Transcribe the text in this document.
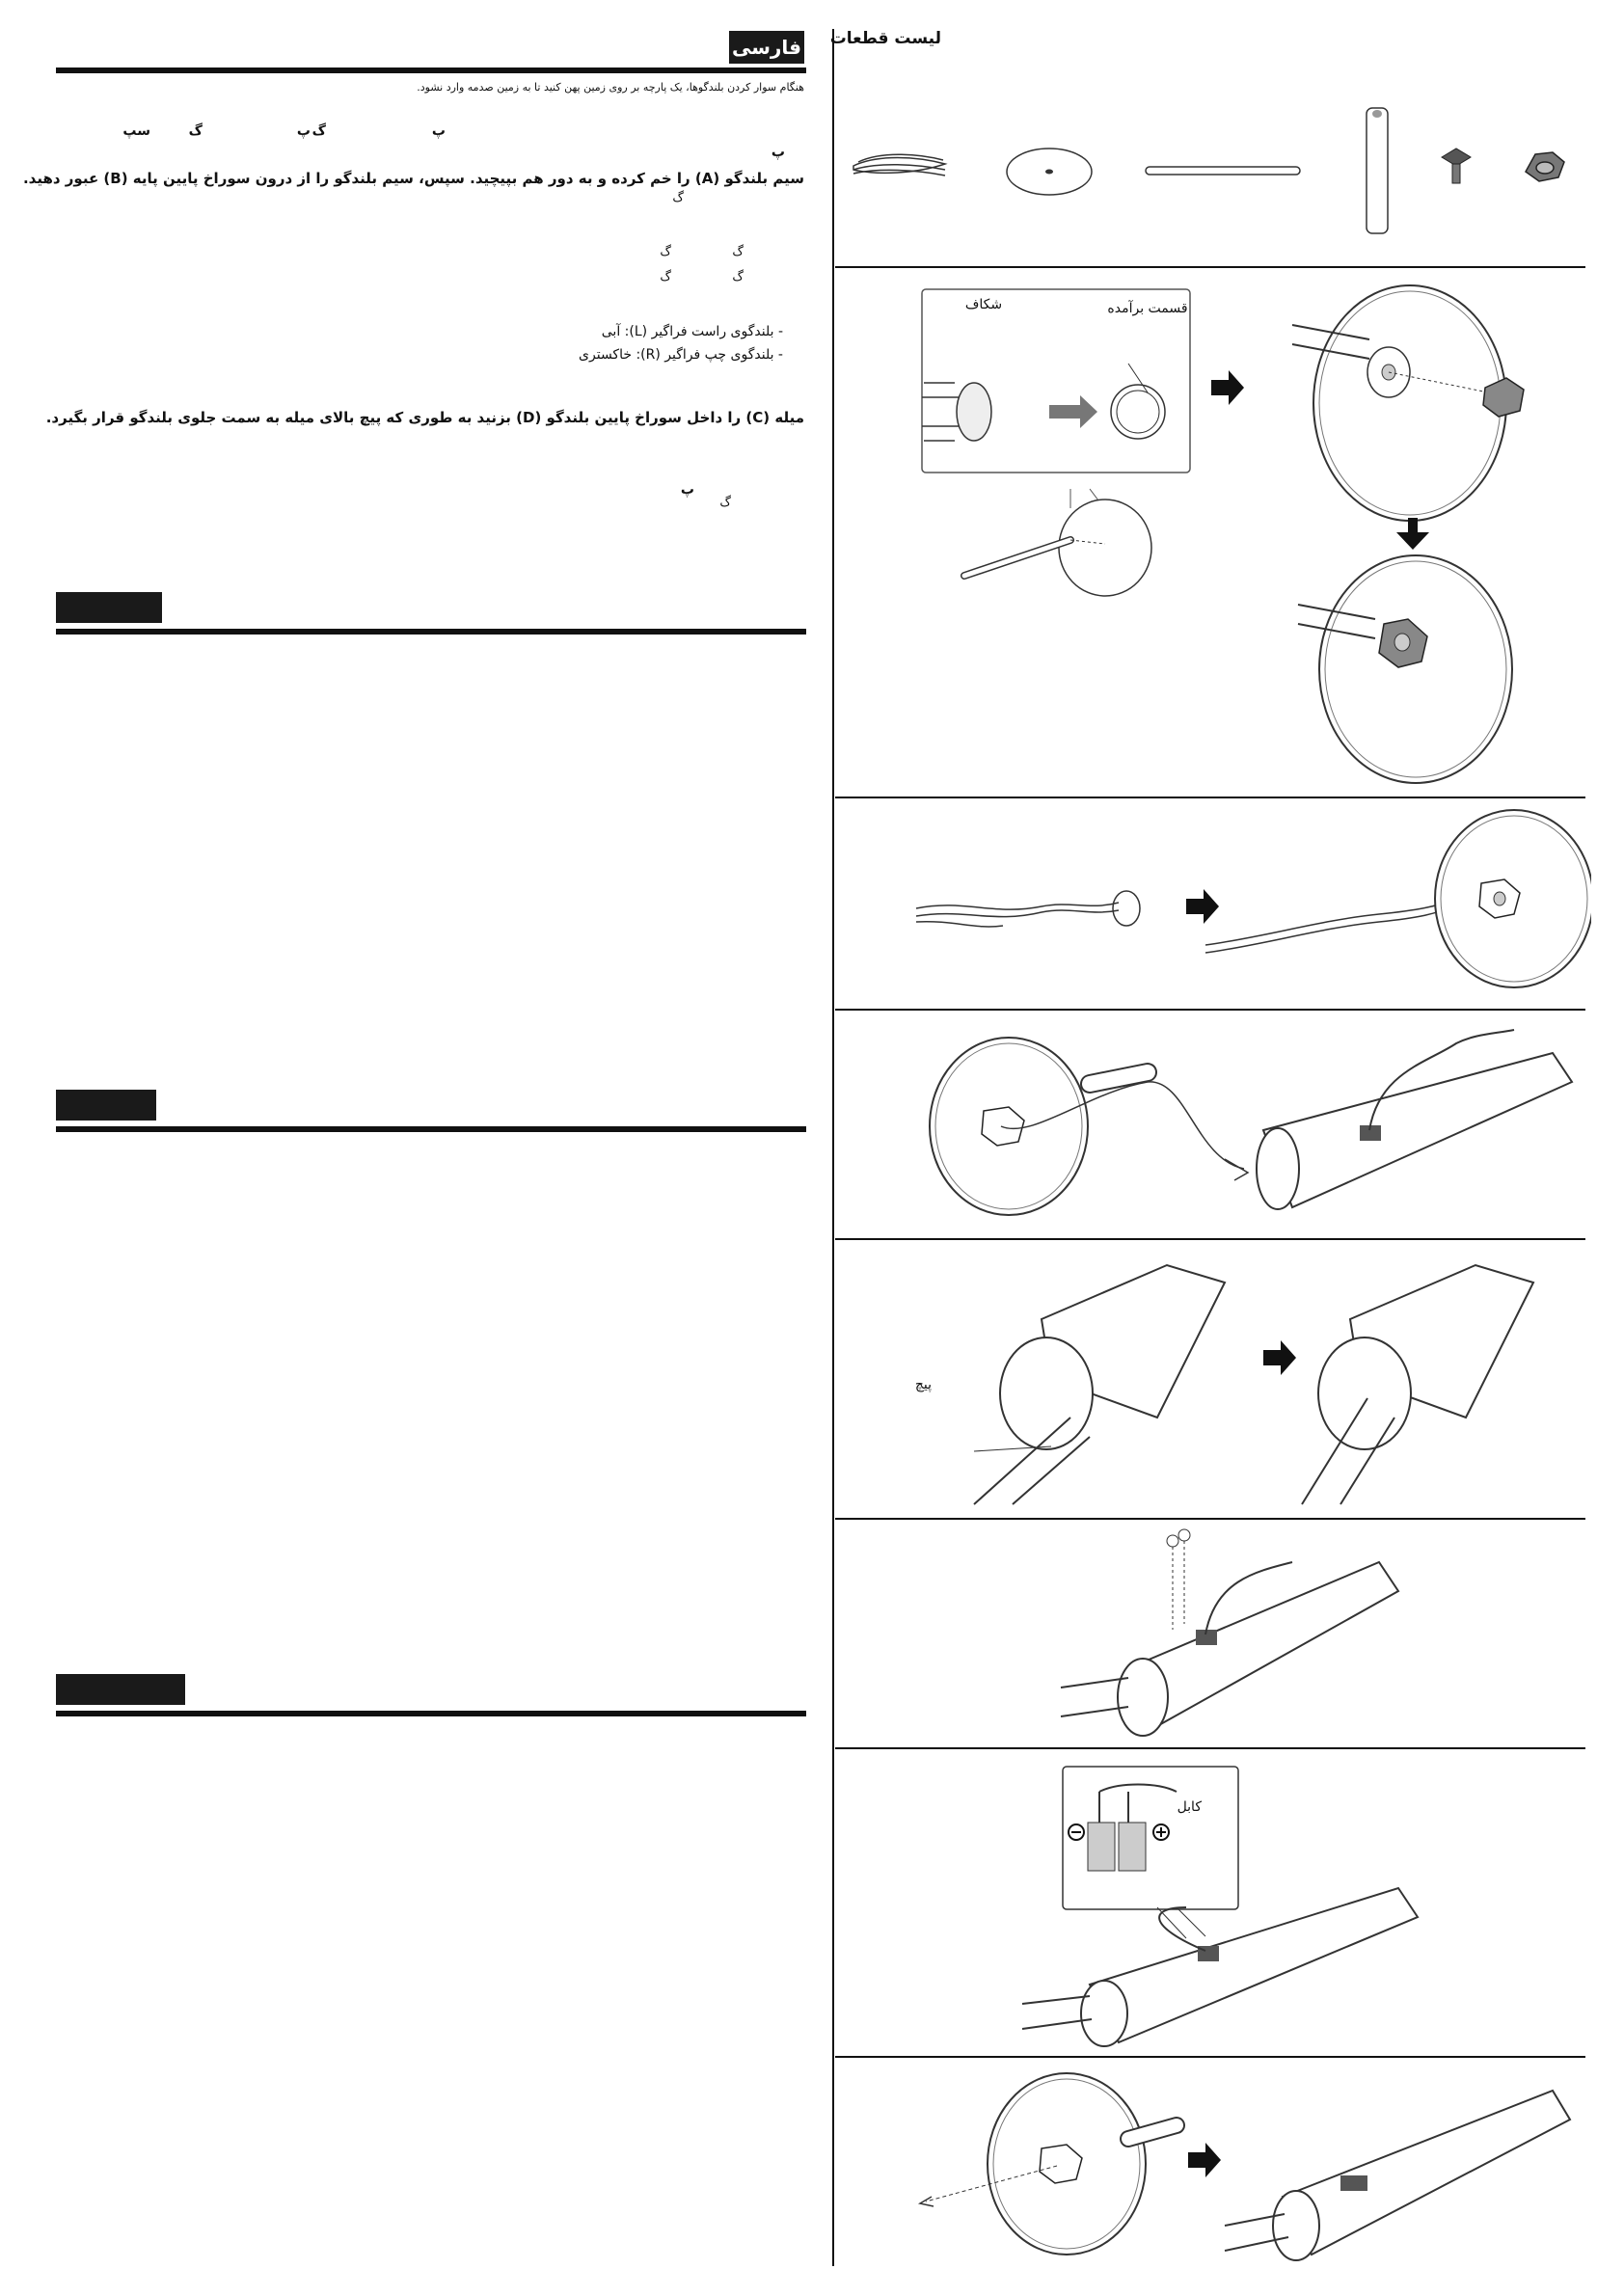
فارسی
هنگام سوار کردن بلندگوها، یک پارچه بر روی زمین پهن کنید تا به زمین صدمه وارد نشود.
سپ	گ	پ گ	پ
پ
سیم بلندگو (A) را خم کرده و به دور هم بپیچید. سپس، سیم بلندگو را از درون سوراخ پایین پایه (B) عبور دهید.
گ
گ
گ
گ
گ
- بلندگوی راست فراگیر (L): آبی
- بلندگوی چپ فراگیر (R): خاکستری
میله (C) را داخل سوراخ پایین بلندگو (D) بزنید به طوری که پیچ بالای میله به سمت جلوی بلندگو قرار بگیرد.
پ
گ
لیست قطعات
شکاف	قسمت برآمده
پیچ
کابل
